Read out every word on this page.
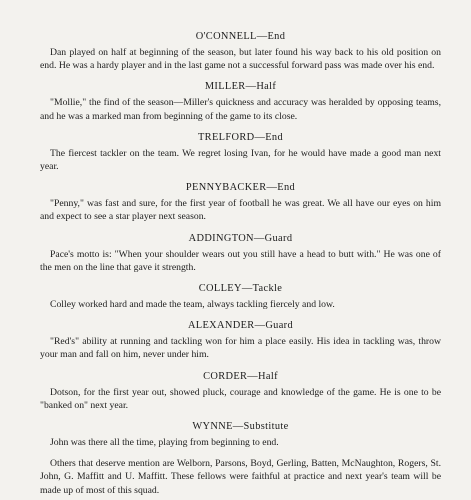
O'CONNELL—End

Dan played on half at beginning of the season, but later found his way back to his old position on end. He was a hardy player and in the last game not a successful forward pass was made over his end.

MILLER—Half

"Mollie," the find of the season—Miller's quickness and accuracy was heralded by opposing teams, and he was a marked man from beginning of the game to its close.

TRELFORD—End

The fiercest tackler on the team. We regret losing Ivan, for he would have made a good man next year.

PENNYBACKER—End

"Penny," was fast and sure, for the first year of football he was great. We all have our eyes on him and expect to see a star player next season.

ADDINGTON—Guard

Pace's motto is: "When your shoulder wears out you still have a head to butt with." He was one of the men on the line that gave it strength.

COLLEY—Tackle

Colley worked hard and made the team, always tackling fiercely and low.

ALEXANDER—Guard

"Red's" ability at running and tackling won for him a place easily. His idea in tackling was, throw your man and fall on him, never under him.

CORDER—Half

Dotson, for the first year out, showed pluck, courage and knowledge of the game. He is one to be "banked on" next year.

WYNNE—Substitute

John was there all the time, playing from beginning to end.

Others that deserve mention are Welborn, Parsons, Boyd, Gerling, Batten, McNaughton, Rogers, St. John, G. Maffitt and U. Maffitt. These fellows were faithful at practice and next year's team will be made up of most of this squad.
